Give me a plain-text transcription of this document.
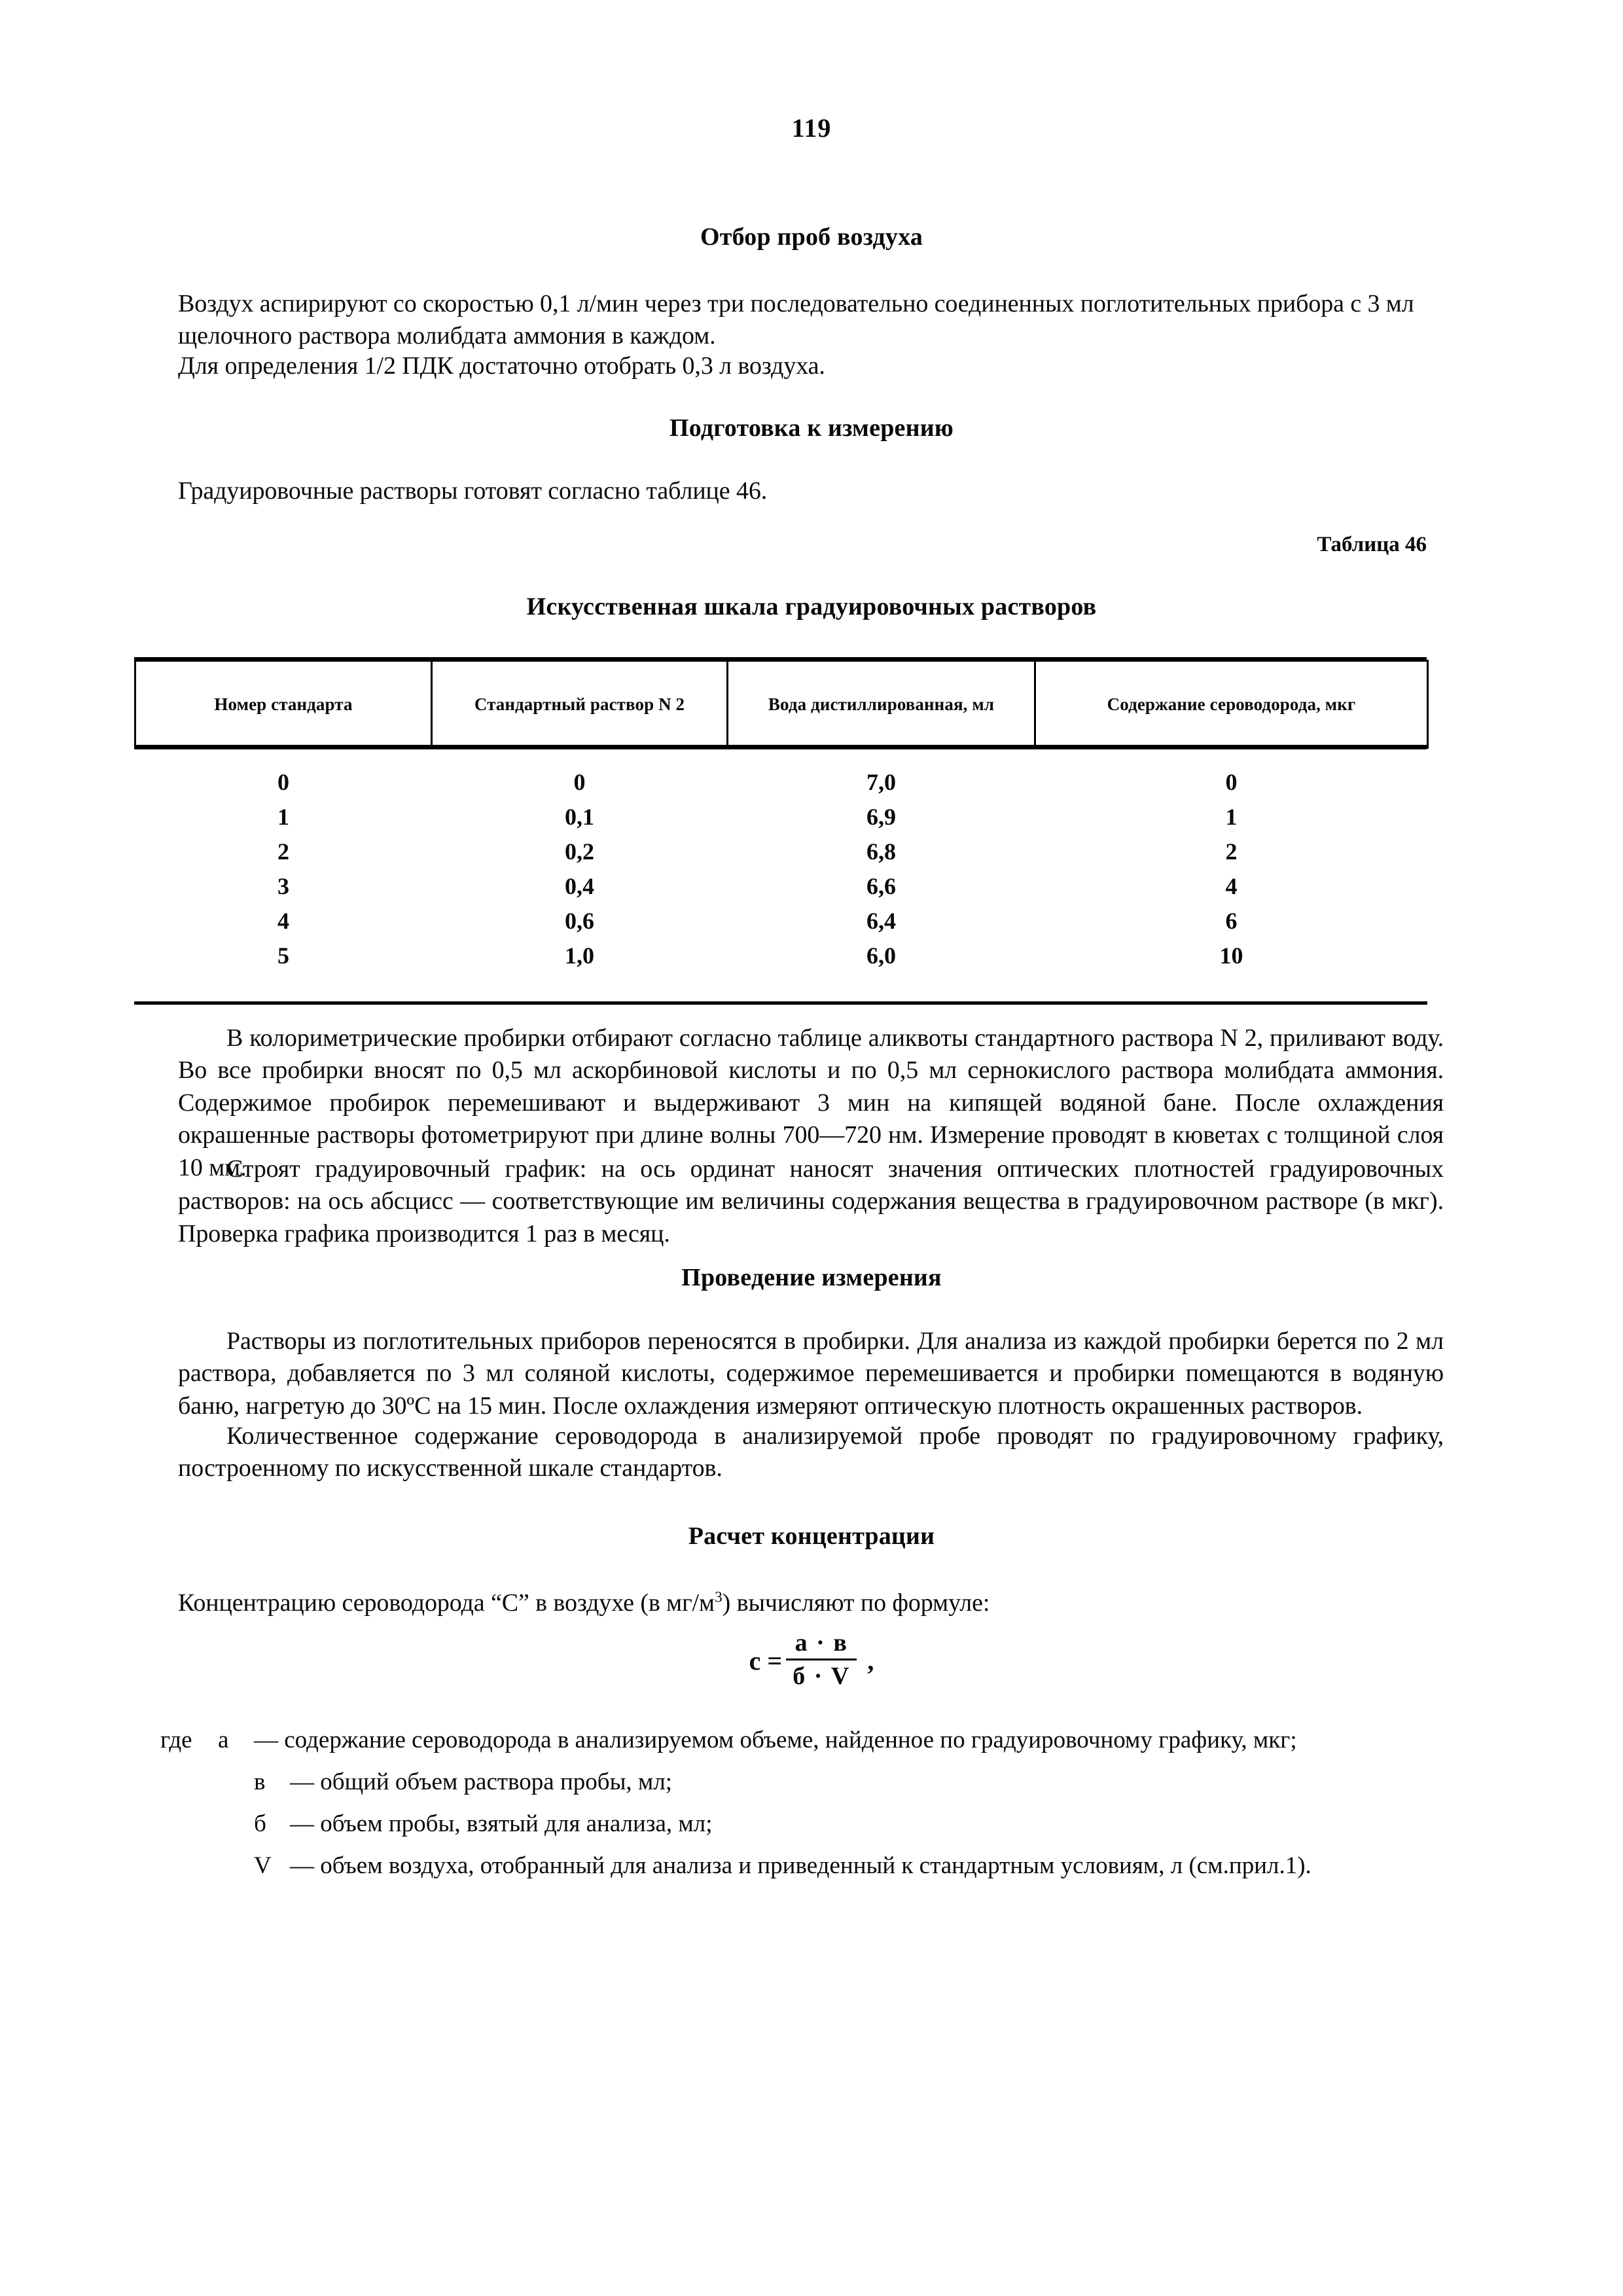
119
Отбор проб воздуха
Воздух аспирируют со скоростью 0,1 л/мин через три последовательно соединенных поглотительных прибора с 3 мл щелочного раствора молибдата аммония в каждом.
Для определения 1/2 ПДК достаточно отобрать 0,3 л воздуха.
Подготовка к измерению
Градуировочные растворы готовят согласно таблице 46.
Таблица 46
Искусственная шкала градуировочных растворов
Номер стандарта	Стандартный раствор N 2	Вода дистиллированная, мл	Содержание сероводорода, мкг
0	0	7,0	0
1	0,1	6,9	1
2	0,2	6,8	2
3	0,4	6,6	4
4	0,6	6,4	6
5	1,0	6,0	10
В колориметрические пробирки отбирают согласно таблице аликвоты стандартного раствора N 2, приливают воду. Во все пробирки вносят по 0,5 мл аскорбиновой кислоты и по 0,5 мл сернокислого раствора молибдата аммония. Содержимое пробирок перемешивают и выдерживают 3 мин на кипящей водяной бане. После охлаждения окрашенные растворы фотометрируют при длине волны 700—720 нм. Измерение проводят в кюветах с толщиной слоя 10 мм.
Строят градуировочный график: на ось ординат наносят значения оптических плотностей градуировочных растворов: на ось абсцисс — соответствующие им величины содержания вещества в градуировочном растворе (в мкг). Проверка графика производится 1 раз в месяц.
Проведение измерения
Растворы из поглотительных приборов переносятся в пробирки. Для анализа из каждой пробирки берется по 2 мл раствора, добавляется по 3 мл соляной кислоты, содержимое перемешивается и пробирки помещаются в водяную баню, нагретую до 30ºС на 15 мин. После охлаждения измеряют оптическую плотность окрашенных растворов.
Количественное содержание сероводорода в анализируемой пробе проводят по градуировочному графику, построенному по искусственной шкале стандартов.
Расчет концентрации
Концентрацию сероводорода “С” в воздухе (в $мг/м^3$) вычисляют по формуле:
$с = \frac{а \cdot в}{б \cdot V}$ ,
где а — содержание сероводорода в анализируемом объеме, найденное по градуировочному графику, мкг;
в — общий объем раствора пробы, мл;
б — объем пробы, взятый для анализа, мл;
V — объем воздуха, отобранный для анализа и приведенный к стандартным условиям, л (см.прил.1).
